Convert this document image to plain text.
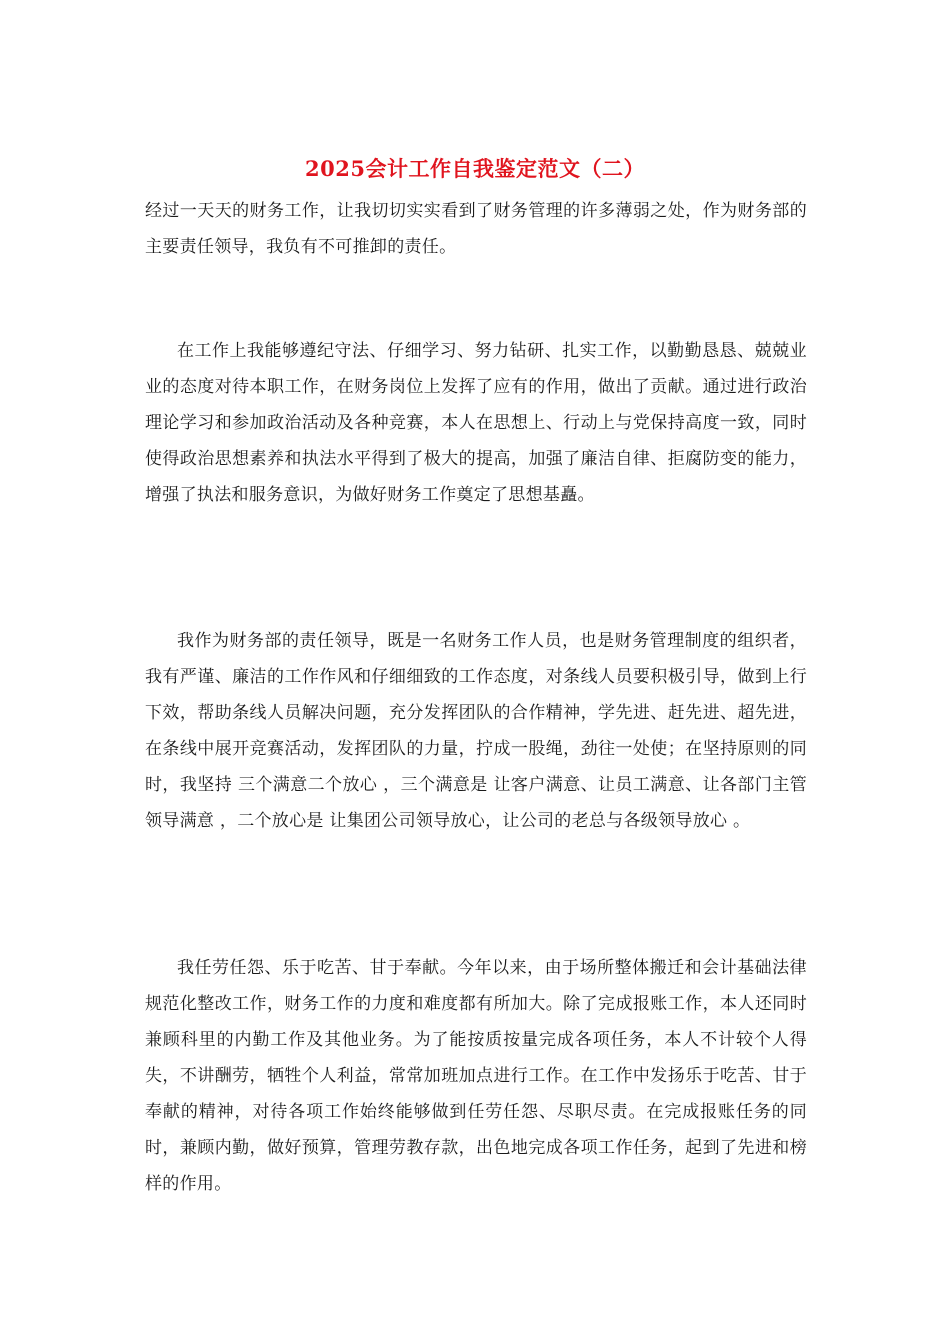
2025会计工作自我鉴定范文（二）

经过一天天的财务工作，让我切切实实看到了财务管理的许多薄弱之处，作为财务部的主要责任领导，我负有不可推卸的责任。

在工作上我能够遵纪守法、仔细学习、努力钻研、扎实工作，以勤勤恳恳、兢兢业业的态度对待本职工作，在财务岗位上发挥了应有的作用，做出了贡献。通过进行政治理论学习和参加政治活动及各种竞赛，本人在思想上、行动上与党保持高度一致，同时使得政治思想素养和执法水平得到了极大的提高，加强了廉洁自律、拒腐防变的能力，增强了执法和服务意识，为做好财务工作奠定了思想基矗。

我作为财务部的责任领导，既是一名财务工作人员，也是财务管理制度的组织者，我有严谨、廉洁的工作作风和仔细细致的工作态度，对条线人员要积极引导，做到上行下效，帮助条线人员解决问题，充分发挥团队的合作精神，学先进、赶先进、超先进，在条线中展开竞赛活动，发挥团队的力量，拧成一股绳，劲往一处使；在坚持原则的同时，我坚持 三个满意二个放心 ，三个满意是 让客户满意、让员工满意、让各部门主管领导满意 ，二个放心是 让集团公司领导放心，让公司的老总与各级领导放心 。

我任劳任怨、乐于吃苦、甘于奉献。今年以来，由于场所整体搬迁和会计基础法律规范化整改工作，财务工作的力度和难度都有所加大。除了完成报账工作，本人还同时兼顾科里的内勤工作及其他业务。为了能按质按量完成各项任务，本人不计较个人得失，不讲酬劳，牺牲个人利益，常常加班加点进行工作。在工作中发扬乐于吃苦、甘于奉献的精神，对待各项工作始终能够做到任劳任怨、尽职尽责。在完成报账任务的同时，兼顾内勤，做好预算，管理劳教存款，出色地完成各项工作任务，起到了先进和榜样的作用。
